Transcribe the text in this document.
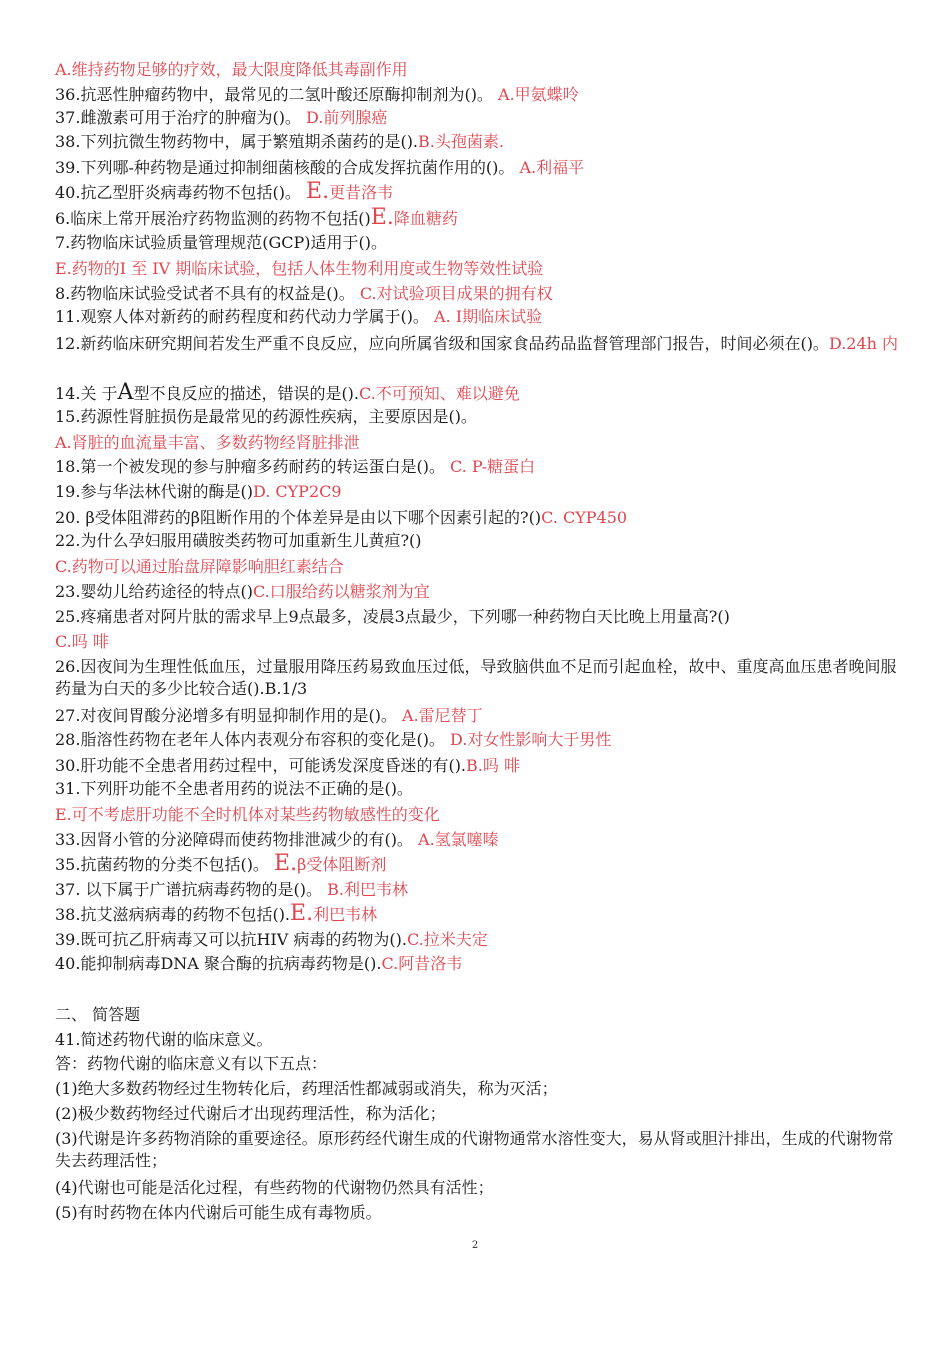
A.维持药物足够的疗效，最大限度降低其毒副作用
36.抗恶性肿瘤药物中，最常见的二氢叶酸还原酶抑制剂为()。 A.甲氨蝶呤
37.雌激素可用于治疗的肿瘤为()。 D.前列腺癌
38.下列抗微生物药物中，属于繁殖期杀菌药的是().B.头孢菌素.
39.下列哪-种药物是通过抑制细菌核酸的合成发挥抗菌作用的()。 A.利福平
40.抗乙型肝炎病毒药物不包括()。 E.更昔洛韦
6.临床上常开展治疗药物监测的药物不包括()E.降血糖药
7.药物临床试验质量管理规范(GCP)适用于()。
E.药物的I 至 IV 期临床试验，包括人体生物利用度或生物等效性试验
8.药物临床试验受试者不具有的权益是()。 C.对试验项目成果的拥有权
11.观察人体对新药的耐药程度和药代动力学属于()。 A. I期临床试验
12.新药临床研究期间若发生严重不良反应，应向所属省级和国家食品药品监督管理部门报告，时间必须在()。D.24h 内
14.关 于A型不良反应的描述，错误的是().C.不可预知、难以避免
15.药源性肾脏损伤是最常见的药源性疾病，主要原因是()。
A.肾脏的血流量丰富、多数药物经肾脏排泄
18.第一个被发现的参与肿瘤多药耐药的转运蛋白是()。 C. P-糖蛋白
19.参与华法林代谢的酶是()D. CYP2C9
20. β受体阻滞药的β阻断作用的个体差异是由以下哪个因素引起的?()C. CYP450
22.为什么孕妇服用磺胺类药物可加重新生儿黄疸?()
C.药物可以通过胎盘屏障影响胆红素结合
23.婴幼儿给药途径的特点()C.口服给药以糖浆剂为宜
25.疼痛患者对阿片肽的需求早上9点最多，凌晨3点最少，下列哪一种药物白天比晚上用量高?()
C.吗 啡
26.因夜间为生理性低血压，过量服用降压药易致血压过低，导致脑供血不足而引起血栓，故中、重度高血压患者晚间服药量为白天的多少比较合适().B.1/3
27.对夜间胃酸分泌增多有明显抑制作用的是()。 A.雷尼替丁
28.脂溶性药物在老年人体内表观分布容积的变化是()。 D.对女性影响大于男性
30.肝功能不全患者用药过程中，可能诱发深度昏迷的有().B.吗 啡
31.下列肝功能不全患者用药的说法不正确的是()。
E.可不考虑肝功能不全时机体对某些药物敏感性的变化
33.因肾小管的分泌障碍而使药物排泄减少的有()。 A.氢氯噻嗪
35.抗菌药物的分类不包括()。 E.β受体阻断剂
37. 以下属于广谱抗病毒药物的是()。 B.利巴韦林
38.抗艾滋病病毒的药物不包括().E.利巴韦林
39.既可抗乙肝病毒又可以抗HIV 病毒的药物为().C.拉米夫定
40.能抑制病毒DNA 聚合酶的抗病毒药物是().C.阿昔洛韦
二、 简答题
41.简述药物代谢的临床意义。
答：药物代谢的临床意义有以下五点：
(1)绝大多数药物经过生物转化后，药理活性都减弱或消失，称为灭活；
(2)极少数药物经过代谢后才出现药理活性，称为活化；
(3)代谢是许多药物消除的重要途径。原形药经代谢生成的代谢物通常水溶性变大，易从肾或胆汁排出，生成的代谢物常失去药理活性；
(4)代谢也可能是活化过程，有些药物的代谢物仍然具有活性；
(5)有时药物在体内代谢后可能生成有毒物质。
2
